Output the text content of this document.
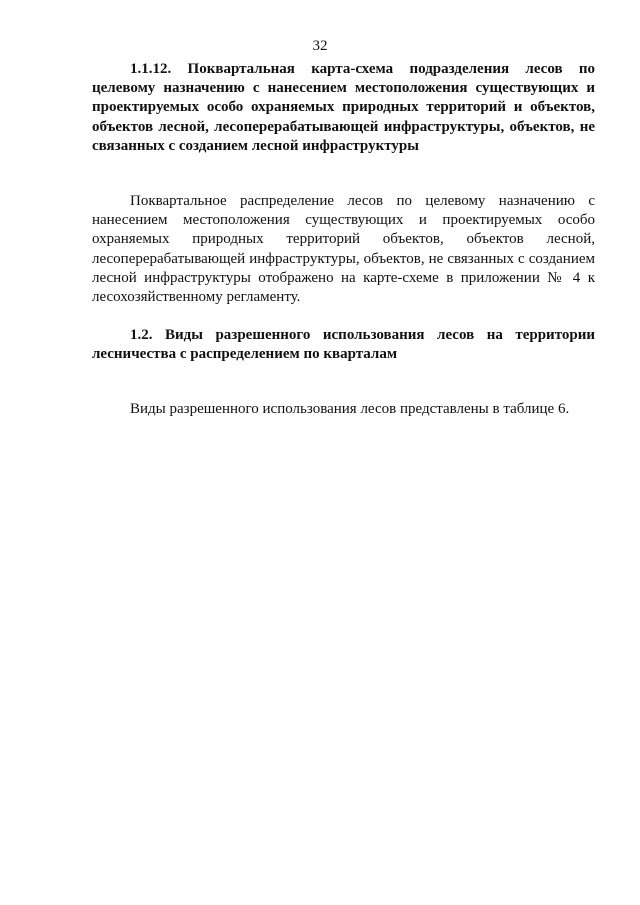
32

1.1.12. Поквартальная карта-схема подразделения лесов по целевому назначению с нанесением местоположения существующих и проектируемых особо охраняемых природных территорий и объектов, объектов лесной, лесоперерабатывающей инфраструктуры, объектов, не связанных с созданием лесной инфраструктуры

Поквартальное распределение лесов по целевому назначению с нанесением местоположения существующих и проектируемых особо охраняемых природных территорий объектов, объектов лесной, лесоперерабатывающей инфраструктуры, объектов, не связанных с созданием лесной инфраструктуры отображено на карте-схеме в приложении № 4 к лесохозяйственному регламенту.

1.2. Виды разрешенного использования лесов на территории лесничества с распределением по кварталам

Виды разрешенного использования лесов представлены в таблице 6.
